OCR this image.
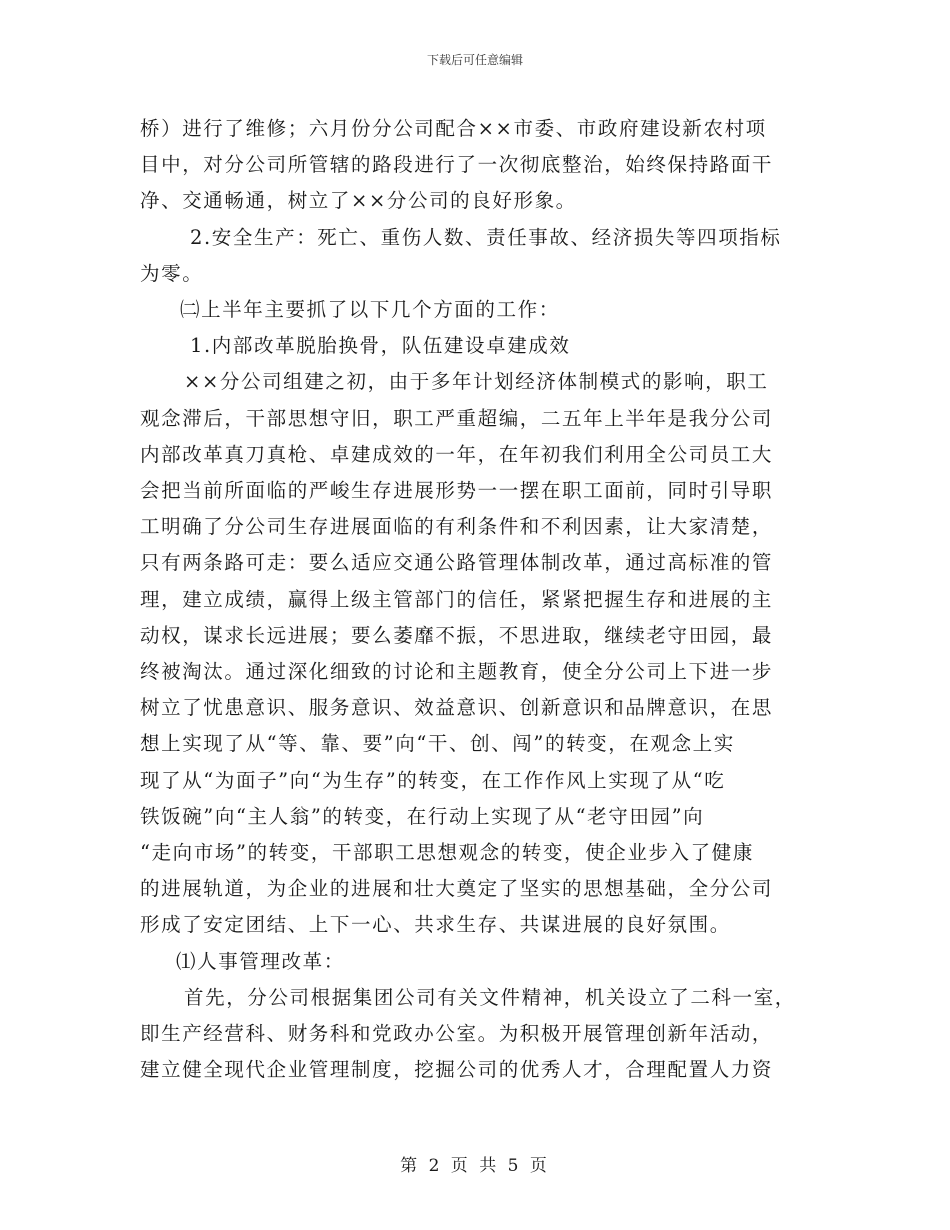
下载后可任意编辑
桥）进行了维修；六月份分公司配合××市委、市政府建设新农村项
目中，对分公司所管辖的路段进行了一次彻底整治，始终保持路面干
净、交通畅通，树立了××分公司的良好形象。
2.安全生产：死亡、重伤人数、责任事故、经济损失等四项指标
为零。
㈡上半年主要抓了以下几个方面的工作：
1.内部改革脱胎换骨，队伍建设卓建成效
××分公司组建之初，由于多年计划经济体制模式的影响，职工
观念滞后，干部思想守旧，职工严重超编，二五年上半年是我分公司
内部改革真刀真枪、卓建成效的一年，在年初我们利用全公司员工大
会把当前所面临的严峻生存进展形势一一摆在职工面前，同时引导职
工明确了分公司生存进展面临的有利条件和不利因素，让大家清楚，
只有两条路可走：要么适应交通公路管理体制改革，通过高标准的管
理，建立成绩，赢得上级主管部门的信任，紧紧把握生存和进展的主
动权，谋求长远进展；要么萎靡不振，不思进取，继续老守田园，最
终被淘汰。通过深化细致的讨论和主题教育，使全分公司上下进一步
树立了忧患意识、服务意识、效益意识、创新意识和品牌意识，在思
想上实现了从“等、靠、要”向“干、创、闯”的转变，在观念上实
现了从“为面子”向“为生存”的转变，在工作作风上实现了从“吃
铁饭碗”向“主人翁”的转变，在行动上实现了从“老守田园”向
“走向市场”的转变，干部职工思想观念的转变，使企业步入了健康
的进展轨道，为企业的进展和壮大奠定了坚实的思想基础，全分公司
形成了安定团结、上下一心、共求生存、共谋进展的良好氛围。
⑴人事管理改革：
首先，分公司根据集团公司有关文件精神，机关设立了二科一室，
即生产经营科、财务科和党政办公室。为积极开展管理创新年活动，
建立健全现代企业管理制度，挖掘公司的优秀人才，合理配置人力资
第 2 页 共 5 页
